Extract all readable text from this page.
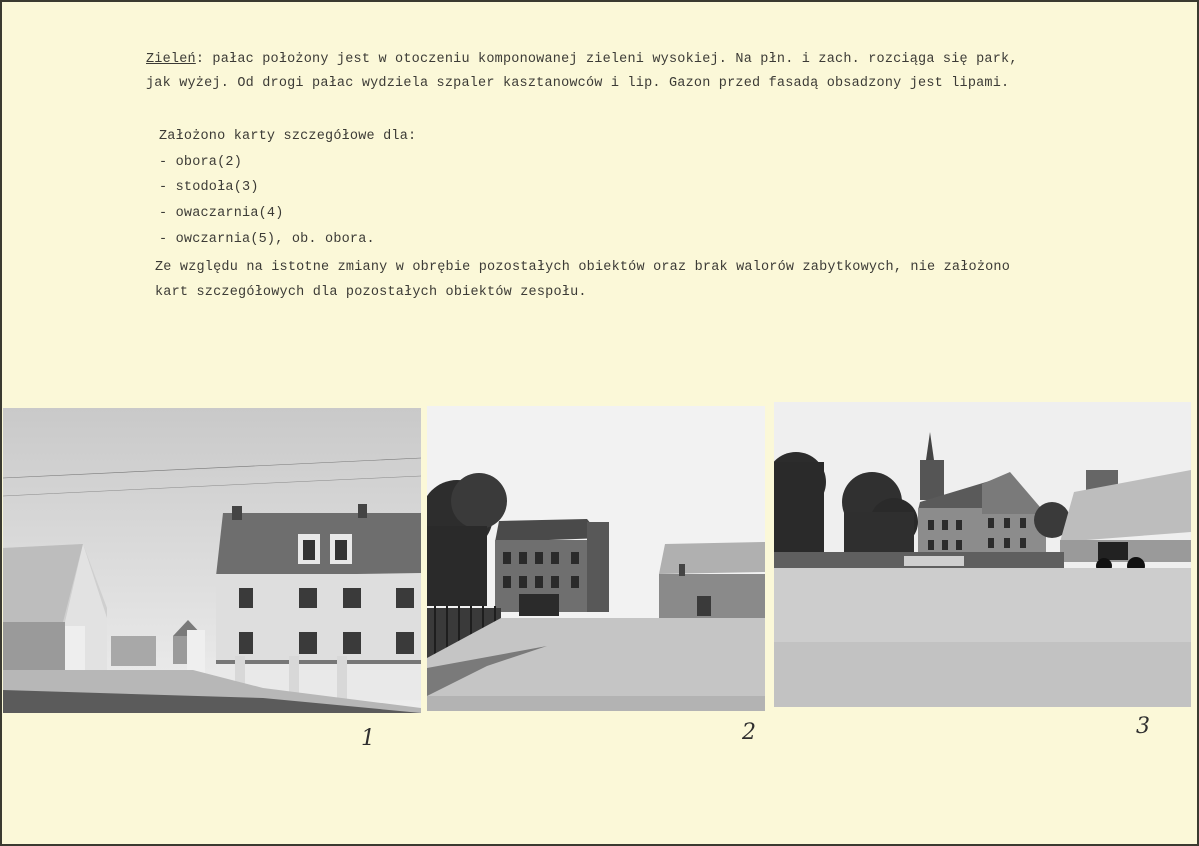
Zieleń: pałac położony jest w otoczeniu komponowanej zieleni wysokiej. Na płn. i zach. rozciąga się park,
jak wyżej. Od drogi pałac wydziela szpaler kasztanowców i lip. Gazon przed fasadą obsadzony jest lipami.
Założono karty szczegółowe dla:
- obora(2)
- stodoła(3)
- owaczarnia(4)
- owczarnia(5), ob. obora.
Ze względu na istotne zmiany w obrębie pozostałych obiektów oraz brak walorów zabytkowych, nie założono
kart szczegółowych dla pozostałych obiektów zespołu.
1	2	3
